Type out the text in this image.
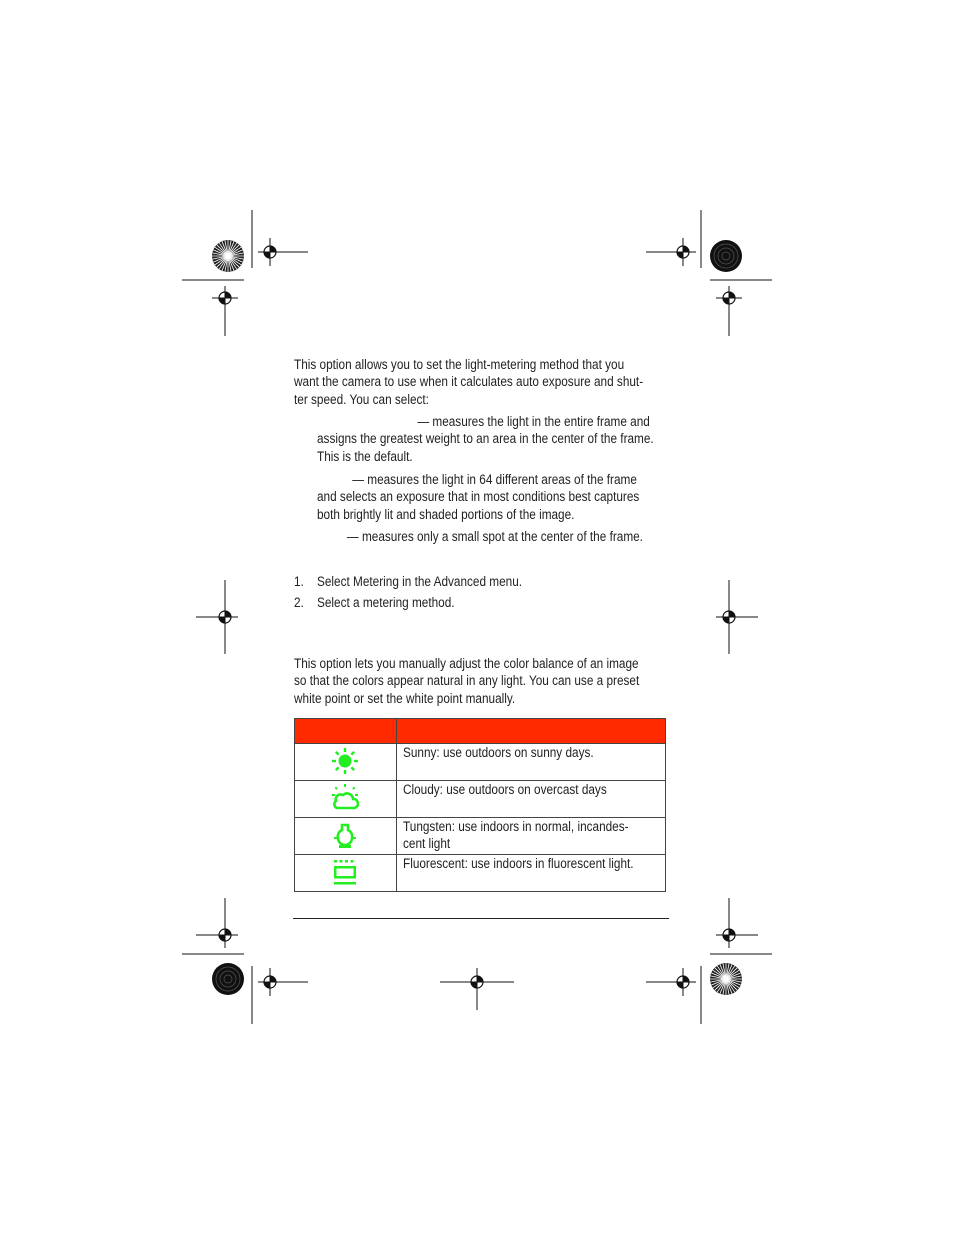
This option allows you to set the light-metering method that you
want the camera to use when it calculates auto exposure and shut-
ter speed. You can select:
— measures the light in the entire frame and
assigns the greatest weight to an area in the center of the frame.
This is the default.
— measures the light in 64 different areas of the frame
and selects an exposure that in most conditions best captures
both brightly lit and shaded portions of the image.
— measures only a small spot at the center of the frame.
1. Select Metering in the Advanced menu.
2. Select a metering method.
This option lets you manually adjust the color balance of an image
so that the colors appear natural in any light. You can use a preset
white point or set the white point manually.

Sunny: use outdoors on sunny days.

Cloudy: use outdoors on overcast days

Tungsten: use indoors in normal, incandes-
cent light

Fluorescent: use indoors in fluorescent light.
